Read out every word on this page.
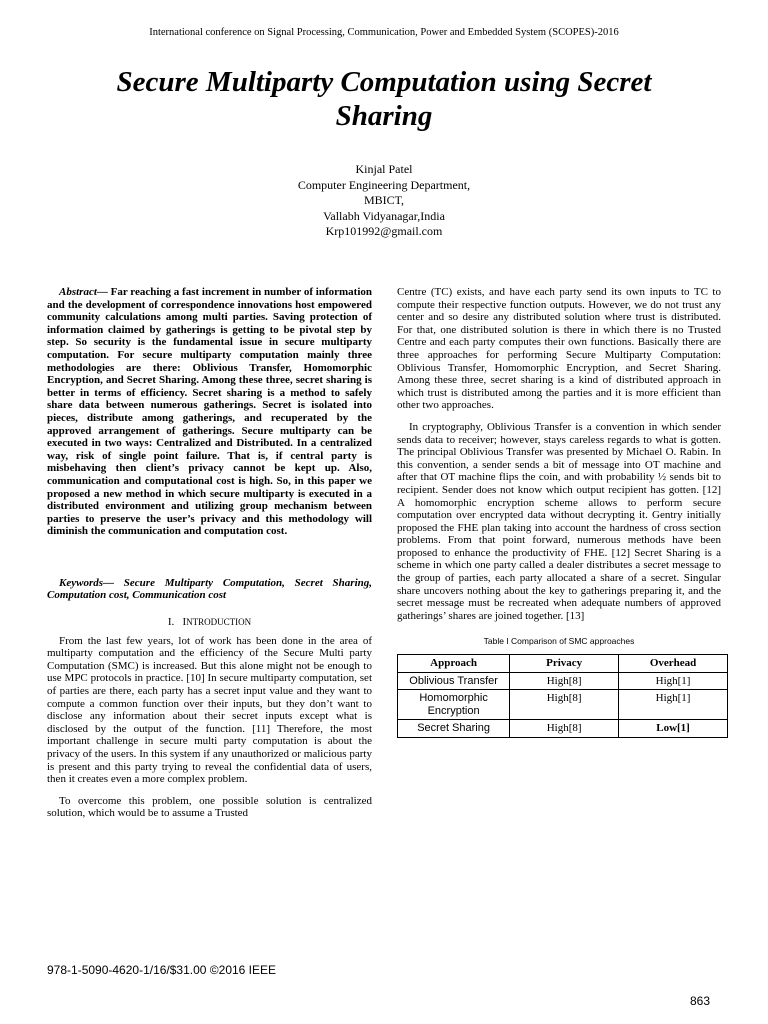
International conference on Signal Processing, Communication, Power and Embedded System (SCOPES)-2016
Secure Multiparty Computation using Secret Sharing
Kinjal Patel
Computer Engineering Department,
MBICT,
Vallabh Vidyanagar,India
Krp101992@gmail.com

Abstract— Far reaching a fast increment in number of information and the development of correspondence innovations host empowered community calculations among multi parties. Saving protection of information claimed by gatherings is getting to be pivotal step by step. So security is the fundamental issue in secure multiparty computation. For secure multiparty computation mainly three methodologies are there: Oblivious Transfer, Homomorphic Encryption, and Secret Sharing. Among these three, secret sharing is better in terms of efficiency. Secret sharing is a method to safely share data between numerous gatherings. Secret is isolated into pieces, distribute among gatherings, and recuperated by the approved arrangement of gatherings. Secure multiparty can be executed in two ways: Centralized and Distributed. In a centralized way, risk of single point failure. That is, if central party is misbehaving then client’s privacy cannot be kept up. Also, communication and computational cost is high. So, in this paper we proposed a new method in which secure multiparty is executed in a distributed environment and utilizing group mechanism between parties to preserve the user’s privacy and this methodology will diminish the communication and computation cost.

Keywords— Secure Multiparty Computation, Secret Sharing, Computation cost, Communication cost

I. INTRODUCTION

From the last few years, lot of work has been done in the area of multiparty computation and the efficiency of the Secure Multi party Computation (SMC) is increased. But this alone might not be enough to use MPC protocols in practice. [10] In secure multiparty computation, set of parties are there, each party has a secret input value and they want to compute a common function over their inputs, but they don’t want to disclose any information about their secret inputs except what is disclosed by the output of the function. [11] Therefore, the most important challenge in secure multi party computation is about the privacy of the users. In this system if any unauthorized or malicious party is present and this party trying to reveal the confidential data of users, then it creates even a more complex problem.

To overcome this problem, one possible solution is centralized solution, which would be to assume a Trusted

Centre (TC) exists, and have each party send its own inputs to TC to compute their respective function outputs. However, we do not trust any center and so desire any distributed solution where trust is distributed. For that, one distributed solution is there in which there is no Trusted Centre and each party computes their own functions. Basically there are three approaches for performing Secure Multiparty Computation: Oblivious Transfer, Homomorphic Encryption, and Secret Sharing. Among these three, secret sharing is a kind of distributed approach in which trust is distributed among the parties and it is more efficient than other two approaches.

In cryptography, Oblivious Transfer is a convention in which sender sends data to receiver; however, stays careless regards to what is gotten. The principal Oblivious Transfer was presented by Michael O. Rabin. In this convention, a sender sends a bit of message into OT machine and after that OT machine flips the coin, and with probability ½ sends bit to recipient. Sender does not know which output recipient has gotten. [12] A homomorphic encryption scheme allows to perform secure computation over encrypted data without decrypting it. Gentry initially proposed the FHE plan taking into account the hardness of cross section problems. From that point forward, numerous methods have been proposed to enhance the productivity of FHE. [12] Secret Sharing is a scheme in which one party called a dealer distributes a secret message to the group of parties, each party allocated a share of a secret. Singular share uncovers nothing about the key to gatherings preparing it, and the secret message must be recreated when adequate numbers of approved gatherings’ shares are joined together. [13]

Table I Comparison of SMC approaches

Approach	Privacy	Overhead
Oblivious Transfer	High[8]	High[1]
Homomorphic Encryption	High[8]	High[1]
Secret Sharing	High[8]	Low[1]
978-1-5090-4620-1/16/$31.00 ©2016 IEEE
863
